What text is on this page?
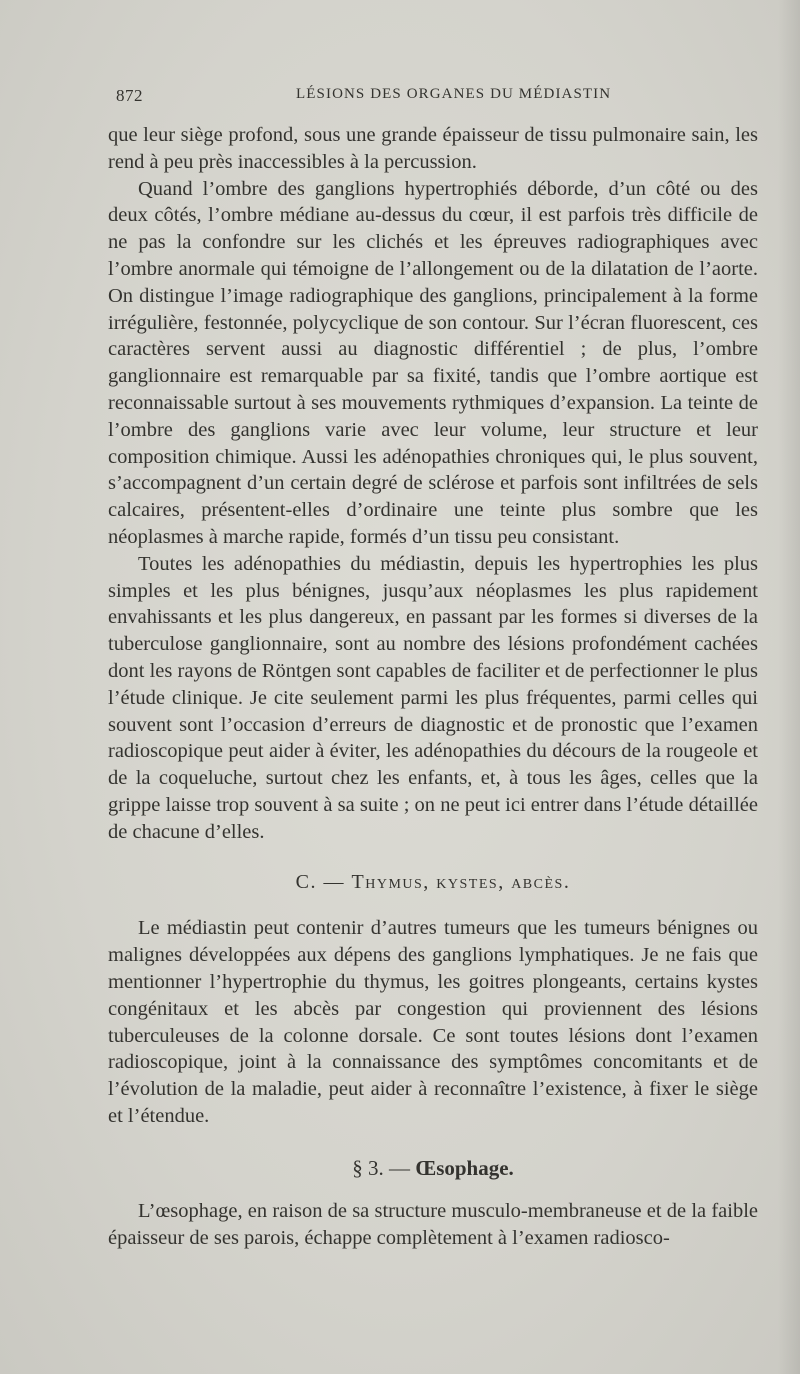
872	LÉSIONS DES ORGANES DU MÉDIASTIN

que leur siège profond, sous une grande épaisseur de tissu pulmonaire sain, les rend à peu près inaccessibles à la percussion.

Quand l’ombre des ganglions hypertrophiés déborde, d’un côté ou des deux côtés, l’ombre médiane au-dessus du cœur, il est parfois très difficile de ne pas la confondre sur les clichés et les épreuves radiographiques avec l’ombre anormale qui témoigne de l’allongement ou de la dilatation de l’aorte. On distingue l’image radiographique des ganglions, principalement à la forme irrégulière, festonnée, polycyclique de son contour. Sur l’écran fluorescent, ces caractères servent aussi au diagnostic différentiel ; de plus, l’ombre ganglionnaire est remarquable par sa fixité, tandis que l’ombre aortique est reconnaissable surtout à ses mouvements rythmiques d’expansion. La teinte de l’ombre des ganglions varie avec leur volume, leur structure et leur composition chimique. Aussi les adénopathies chroniques qui, le plus souvent, s’accompagnent d’un certain degré de sclérose et parfois sont infiltrées de sels calcaires, présentent-elles d’ordinaire une teinte plus sombre que les néoplasmes à marche rapide, formés d’un tissu peu consistant.

Toutes les adénopathies du médiastin, depuis les hypertrophies les plus simples et les plus bénignes, jusqu’aux néoplasmes les plus rapidement envahissants et les plus dangereux, en passant par les formes si diverses de la tuberculose ganglionnaire, sont au nombre des lésions profondément cachées dont les rayons de Röntgen sont capables de faciliter et de perfectionner le plus l’étude clinique. Je cite seulement parmi les plus fréquentes, parmi celles qui souvent sont l’occasion d’erreurs de diagnostic et de pronostic que l’examen radioscopique peut aider à éviter, les adénopathies du décours de la rougeole et de la coqueluche, surtout chez les enfants, et, à tous les âges, celles que la grippe laisse trop souvent à sa suite ; on ne peut ici entrer dans l’étude détaillée de chacune d’elles.

C. — Thymus, kystes, abcès.

Le médiastin peut contenir d’autres tumeurs que les tumeurs bénignes ou malignes développées aux dépens des ganglions lymphatiques. Je ne fais que mentionner l’hypertrophie du thymus, les goitres plongeants, certains kystes congénitaux et les abcès par congestion qui proviennent des lésions tuberculeuses de la colonne dorsale. Ce sont toutes lésions dont l’examen radioscopique, joint à la connaissance des symptômes concomitants et de l’évolution de la maladie, peut aider à reconnaître l’existence, à fixer le siège et l’étendue.

§ 3. — Œsophage.

L’œsophage, en raison de sa structure musculo-membraneuse et de la faible épaisseur de ses parois, échappe complètement à l’examen radiosco-
